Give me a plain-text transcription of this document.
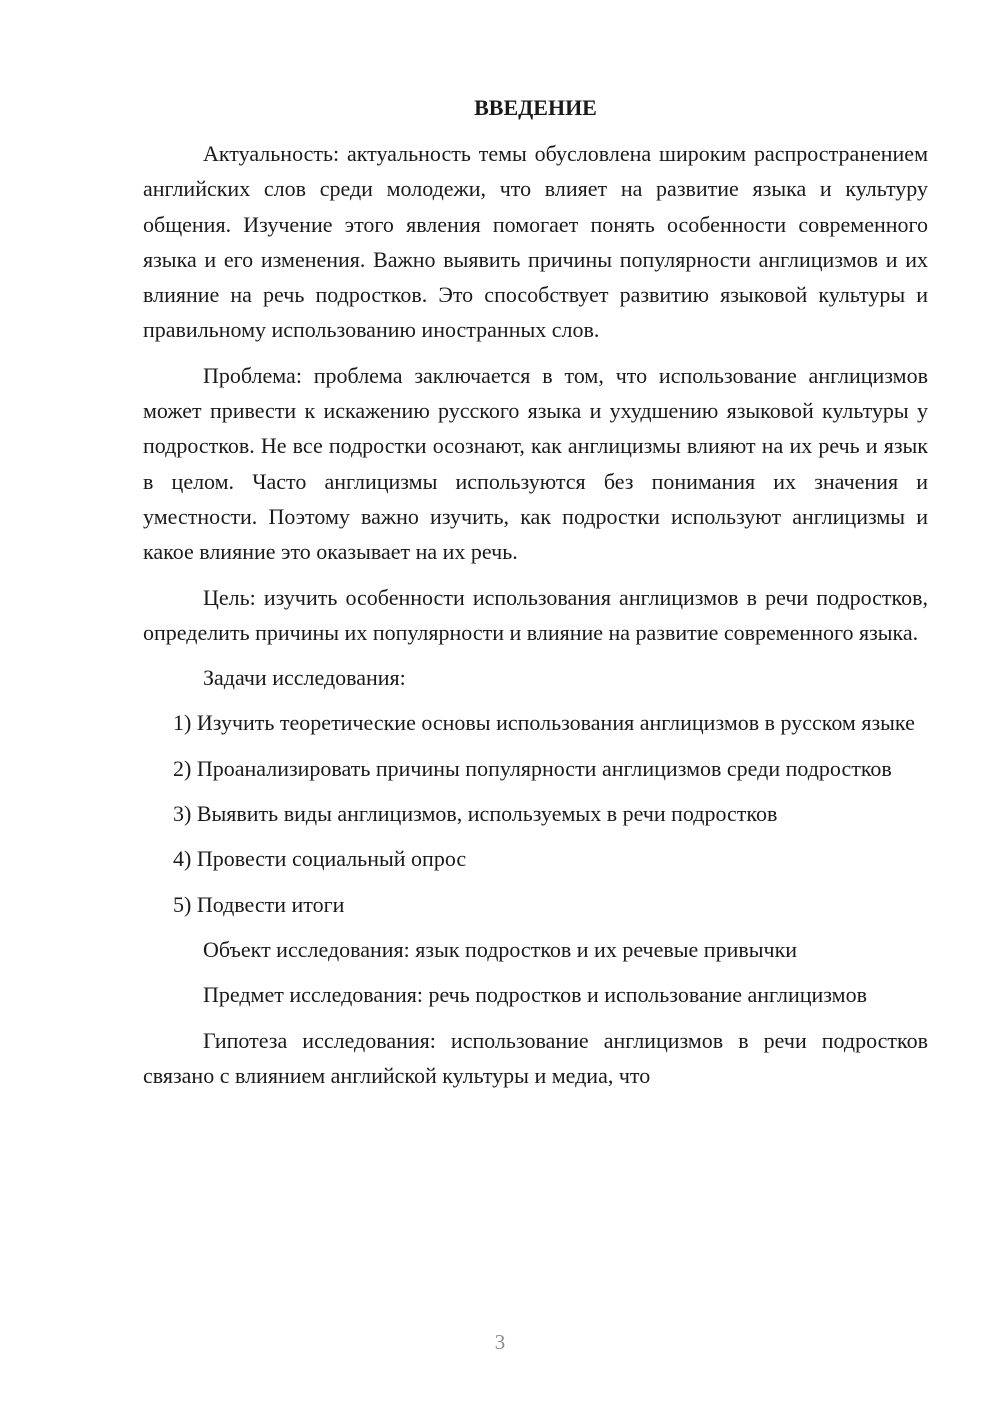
ВВЕДЕНИЕ

Актуальность: актуальность темы обусловлена широким распространением английских слов среди молодежи, что влияет на развитие языка и культуру общения. Изучение этого явления помогает понять особенности современного языка и его изменения. Важно выявить причины популярности англицизмов и их влияние на речь подростков. Это способствует развитию языковой культуры и правильному использованию иностранных слов.

Проблема: проблема заключается в том, что использование англицизмов может привести к искажению русского языка и ухудшению языковой культуры у подростков. Не все подростки осознают, как англицизмы влияют на их речь и язык в целом. Часто англицизмы используются без понимания их значения и уместности. Поэтому важно изучить, как подростки используют англицизмы и какое влияние это оказывает на их речь.

Цель: изучить особенности использования англицизмов в речи подростков, определить причины их популярности и влияние на развитие современного языка.

Задачи исследования:

1) Изучить теоретические основы использования англицизмов в русском языке

2) Проанализировать причины популярности англицизмов среди подростков

3) Выявить виды англицизмов, используемых в речи подростков

4) Провести социальный опрос

5) Подвести итоги

Объект исследования: язык подростков и их речевые привычки

Предмет исследования: речь подростков и использование англицизмов

Гипотеза исследования: использование англицизмов в речи подростков связано с влиянием английской культуры и медиа, что

3
